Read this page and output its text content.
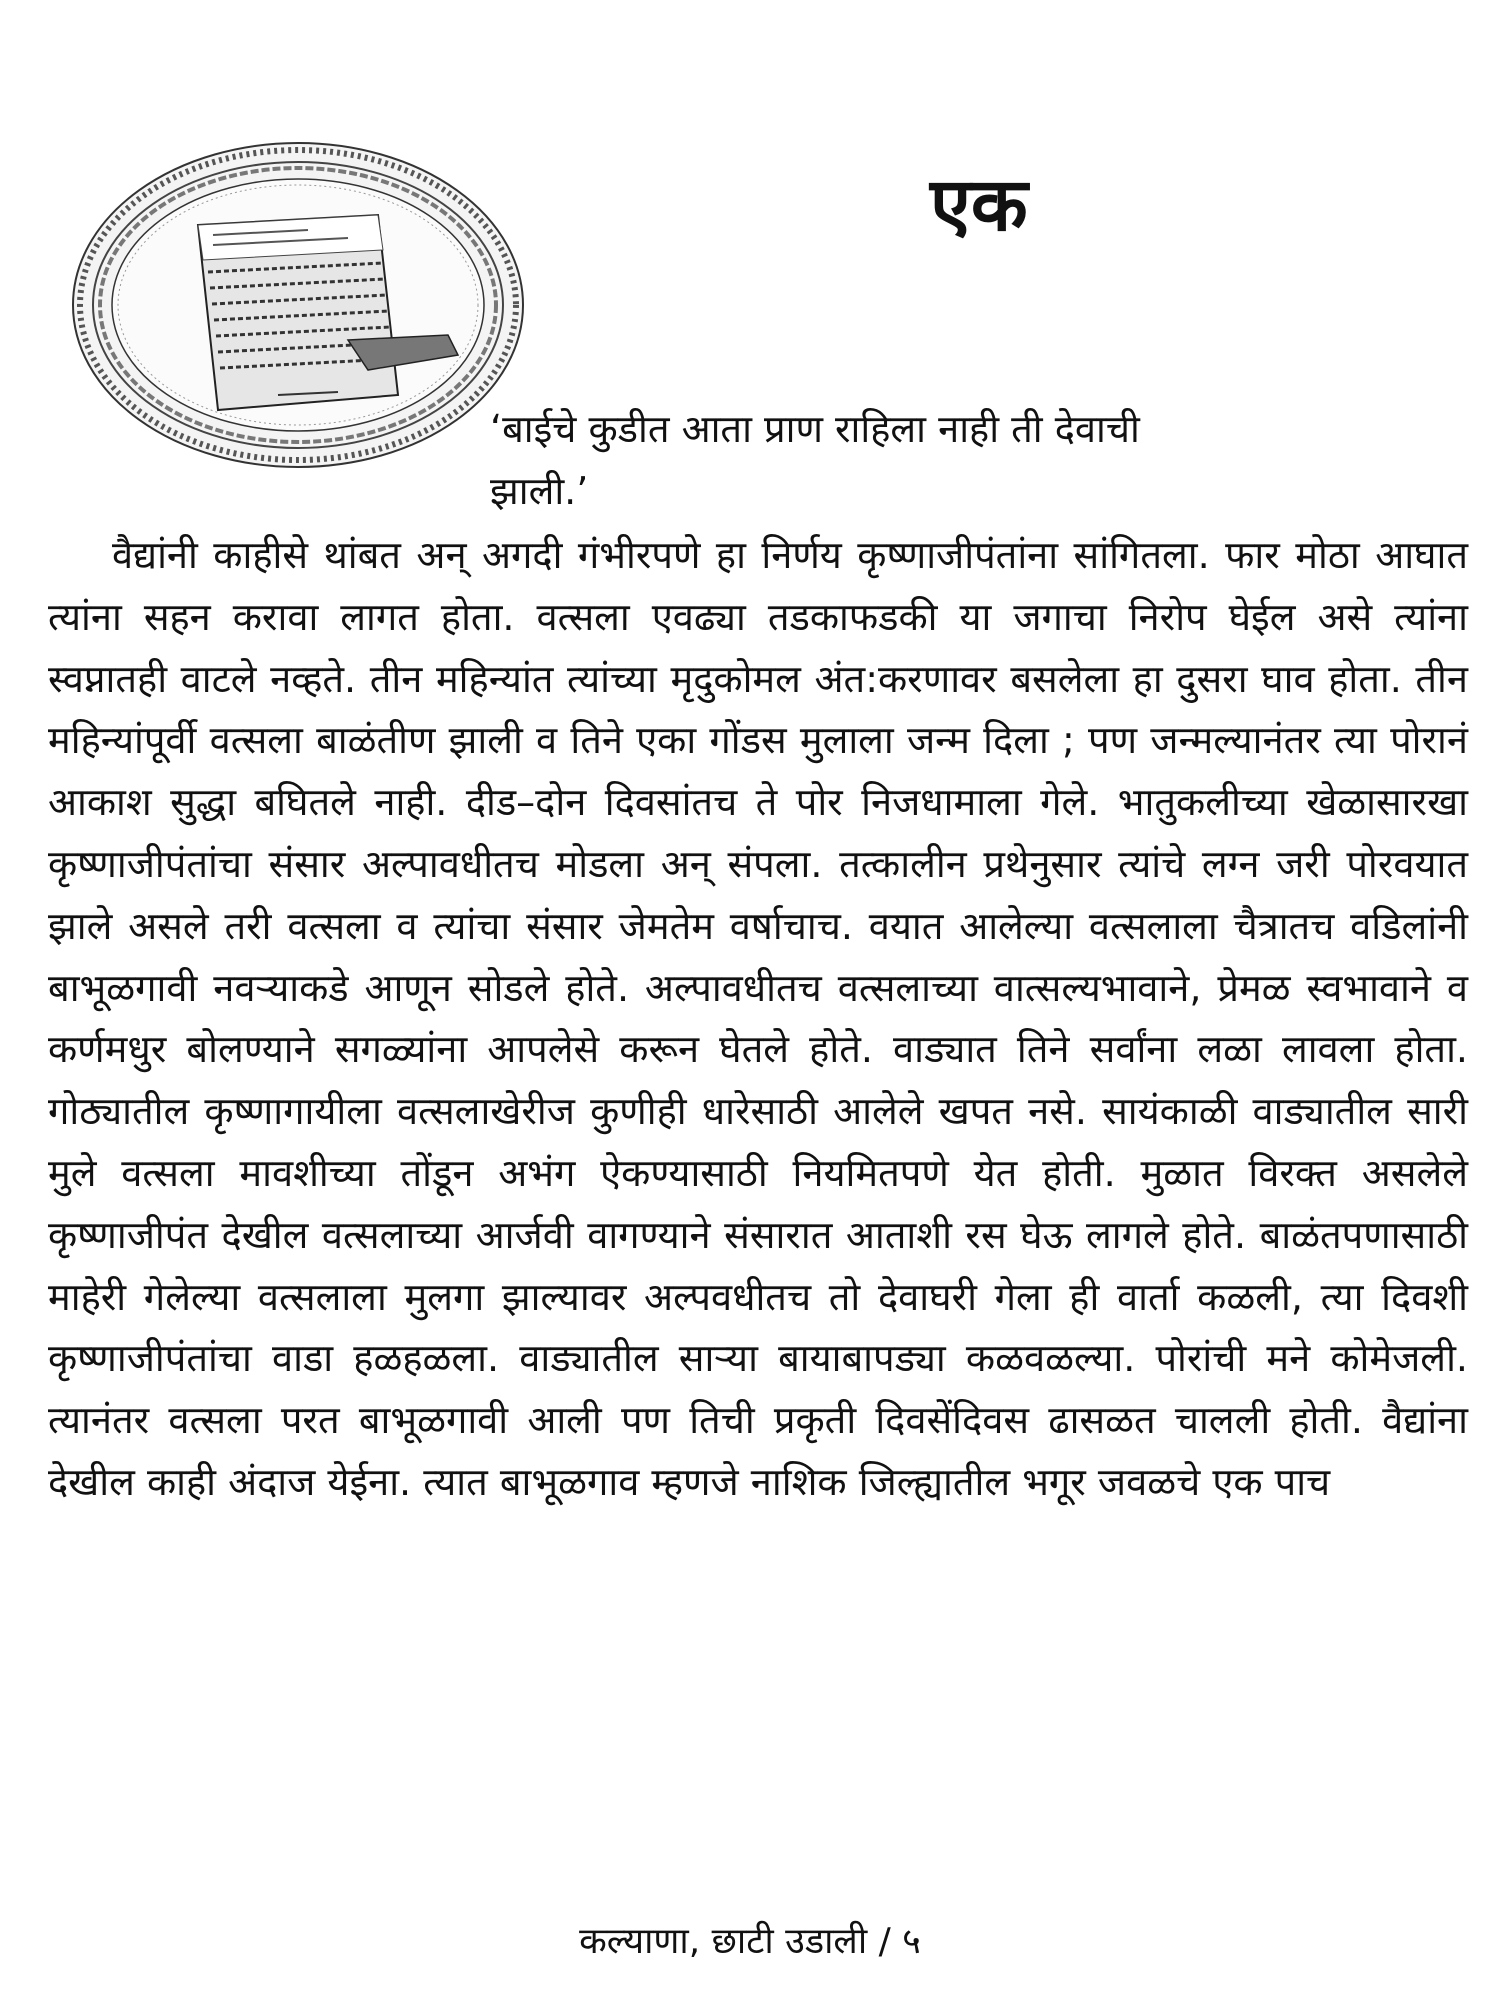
एक

‘बाईचे कुडीत आता प्राण राहिला नाही ती देवाची

झाली.’

वैद्यांनी काहीसे थांबत अन् अगदी गंभीरपणे हा निर्णय कृष्णाजीपंतांना सांगितला. फार मोठा आघात त्यांना सहन करावा लागत होता. वत्सला एवढ्या तडकाफडकी या जगाचा निरोप घेईल असे त्यांना स्वप्नातही वाटले नव्हते. तीन महिन्यांत त्यांच्या मृदुकोमल अंत:करणावर बसलेला हा दुसरा घाव होता. तीन महिन्यांपूर्वी वत्सला बाळंतीण झाली व तिने एका गोंडस मुलाला जन्म दिला ; पण जन्मल्यानंतर त्या पोरानं आकाश सुद्धा बघितले नाही. दीड–दोन दिवसांतच ते पोर निजधामाला गेले. भातुकलीच्या खेळासारखा कृष्णाजीपंतांचा संसार अल्पावधीतच मोडला अन् संपला. तत्कालीन प्रथेनुसार त्यांचे लग्न जरी पोरवयात झाले असले तरी वत्सला व त्यांचा संसार जेमतेम वर्षाचाच. वयात आलेल्या वत्सलाला चैत्रातच वडिलांनी बाभूळगावी नवऱ्याकडे आणून सोडले होते. अल्पावधीतच वत्सलाच्या वात्सल्यभावाने, प्रेमळ स्वभावाने व कर्णमधुर बोलण्याने सगळ्यांना आपलेसे करून घेतले होते. वाड्यात तिने सर्वांना लळा लावला होता. गोठ्यातील कृष्णागायीला वत्सलाखेरीज कुणीही धारेसाठी आलेले खपत नसे. सायंकाळी वाड्यातील सारी मुले वत्सला मावशीच्या तोंडून अभंग ऐकण्यासाठी नियमितपणे येत होती. मुळात विरक्त असलेले कृष्णाजीपंत देखील वत्सलाच्या आर्जवी वागण्याने संसारात आताशी रस घेऊ लागले होते. बाळंतपणासाठी माहेरी गेलेल्या वत्सलाला मुलगा झाल्यावर अल्पवधीतच तो देवाघरी गेला ही वार्ता कळली, त्या दिवशी कृष्णाजीपंतांचा वाडा हळहळला. वाड्यातील साऱ्या बायाबापड्या कळवळल्या. पोरांची मने कोमेजली. त्यानंतर वत्सला परत बाभूळगावी आली पण तिची प्रकृती दिवसेंदिवस ढासळत चालली होती. वैद्यांना देखील काही अंदाज येईना. त्यात बाभूळगाव म्हणजे नाशिक जिल्ह्यातील भगूर जवळचे एक पाच

कल्याणा, छाटी उडाली / ५
